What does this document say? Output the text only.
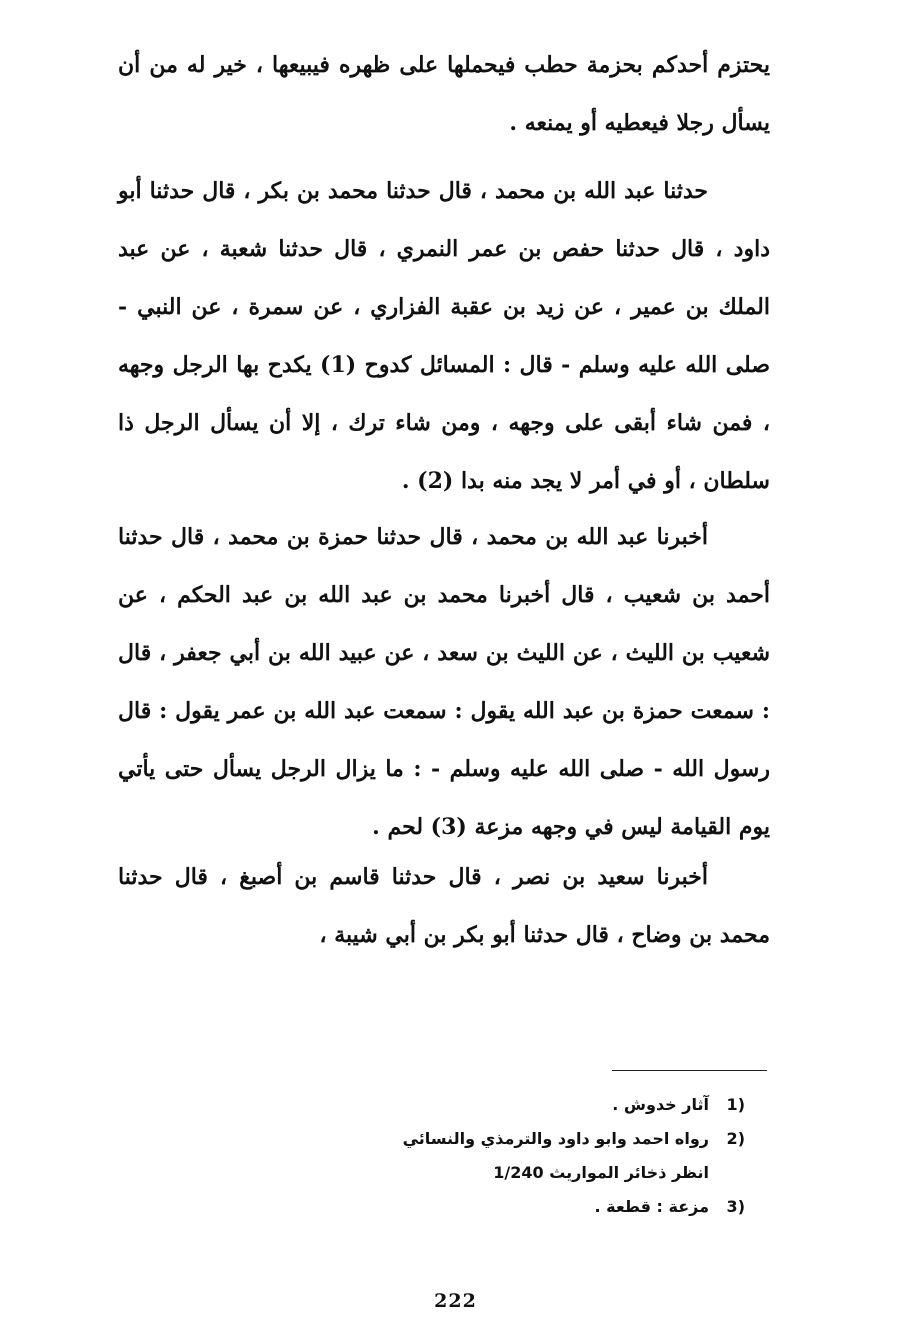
يحتزم أحدكم بحزمة حطب فيحملها على ظهره فيبيعها ، خير له من أن يسأل رجلا فيعطيه أو يمنعه .

حدثنا عبد الله بن محمد ، قال حدثنا محمد بن بكر ، قال حدثنا أبو داود ، قال حدثنا حفص بن عمر النمري ، قال حدثنا شعبة ، عن عبد الملك بن عمير ، عن زيد بن عقبة الفزاري ، عن سمرة ، عن النبي - صلى الله عليه وسلم - قال : المسائل كدوح (1) يكدح بها الرجل وجهه ، فمن شاء أبقى على وجهه ، ومن شاء ترك ، إلا أن يسأل الرجل ذا سلطان ، أو في أمر لا يجد منه بدا (2) .

أخبرنا عبد الله بن محمد ، قال حدثنا حمزة بن محمد ، قال حدثنا أحمد بن شعيب ، قال أخبرنا محمد بن عبد الله بن عبد الحكم ، عن شعيب بن الليث ، عن الليث بن سعد ، عن عبيد الله بن أبي جعفر ، قال : سمعت حمزة بن عبد الله يقول : سمعت عبد الله بن عمر يقول : قال رسول الله - صلى الله عليه وسلم - : ما يزال الرجل يسأل حتى يأتي يوم القيامة ليس في وجهه مزعة (3) لحم .

أخبرنا سعيد بن نصر ، قال حدثنا قاسم بن أصبغ ، قال حدثنا محمد بن وضاح ، قال حدثنا أبو بكر بن أبي شيبة ،

(1
آثار خدوش .
(2
رواه احمد وابو داود والترمذي والنسائي
انظر ذخائر المواريث 1/240
(3
مزعة : قطعة .
222
